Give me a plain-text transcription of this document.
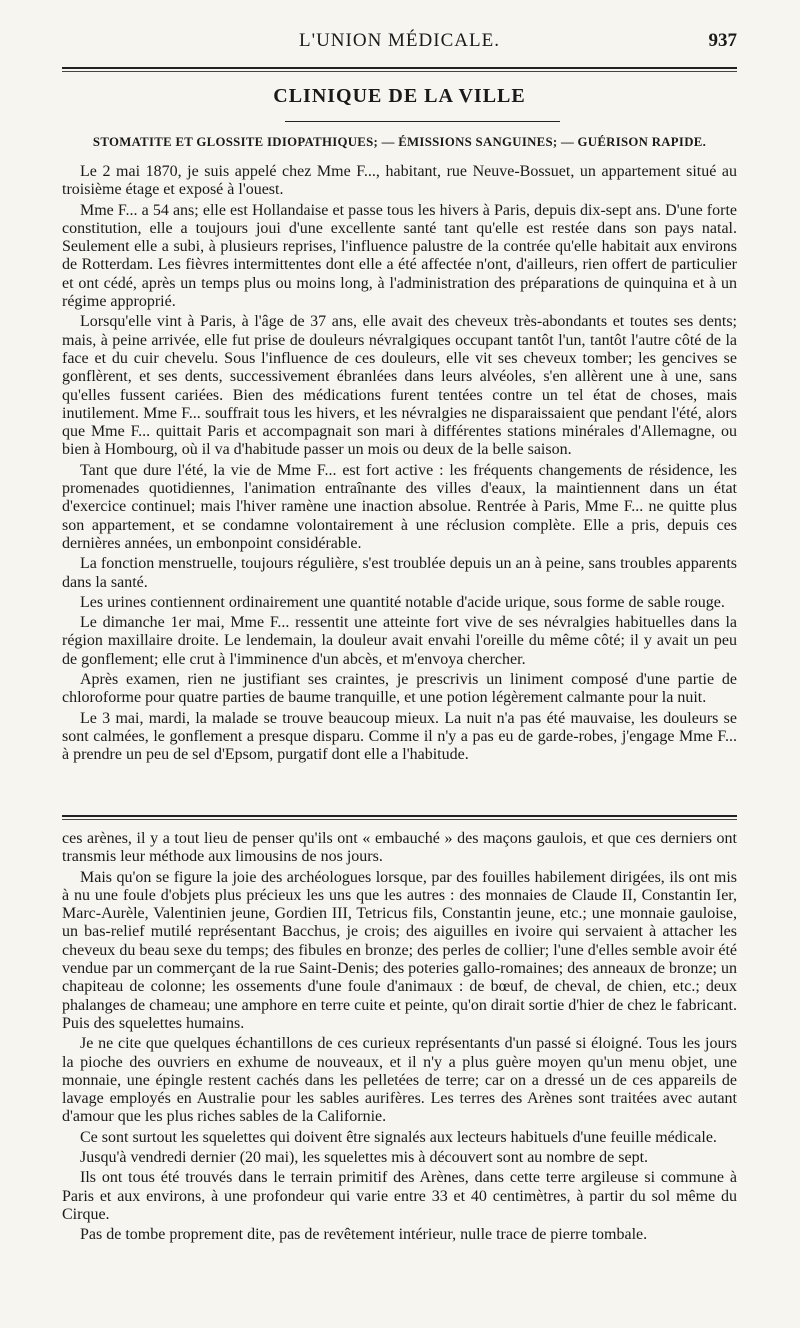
L'UNION MÉDICALE.	937
CLINIQUE DE LA VILLE
STOMATITE ET GLOSSITE IDIOPATHIQUES; — ÉMISSIONS SANGUINES; — GUÉRISON RAPIDE.

Le 2 mai 1870, je suis appelé chez Mme F..., habitant, rue Neuve-Bossuet, un appartement situé au troisième étage et exposé à l'ouest.

Mme F... a 54 ans; elle est Hollandaise et passe tous les hivers à Paris, depuis dix-sept ans. D'une forte constitution, elle a toujours joui d'une excellente santé tant qu'elle est restée dans son pays natal. Seulement elle a subi, à plusieurs reprises, l'influence palustre de la contrée qu'elle habitait aux environs de Rotterdam. Les fièvres intermittentes dont elle a été affectée n'ont, d'ailleurs, rien offert de particulier et ont cédé, après un temps plus ou moins long, à l'administration des préparations de quinquina et à un régime approprié.

Lorsqu'elle vint à Paris, à l'âge de 37 ans, elle avait des cheveux très-abondants et toutes ses dents; mais, à peine arrivée, elle fut prise de douleurs névralgiques occupant tantôt l'un, tantôt l'autre côté de la face et du cuir chevelu. Sous l'influence de ces douleurs, elle vit ses cheveux tomber; les gencives se gonflèrent, et ses dents, successivement ébranlées dans leurs alvéoles, s'en allèrent une à une, sans qu'elles fussent cariées. Bien des médications furent tentées contre un tel état de choses, mais inutilement. Mme F... souffrait tous les hivers, et les névralgies ne disparaissaient que pendant l'été, alors que Mme F... quittait Paris et accompagnait son mari à différentes stations minérales d'Allemagne, ou bien à Hombourg, où il va d'habitude passer un mois ou deux de la belle saison.

Tant que dure l'été, la vie de Mme F... est fort active : les fréquents changements de résidence, les promenades quotidiennes, l'animation entraînante des villes d'eaux, la maintiennent dans un état d'exercice continuel; mais l'hiver ramène une inaction absolue. Rentrée à Paris, Mme F... ne quitte plus son appartement, et se condamne volontairement à une réclusion complète. Elle a pris, depuis ces dernières années, un embonpoint considérable.

La fonction menstruelle, toujours régulière, s'est troublée depuis un an à peine, sans troubles apparents dans la santé.

Les urines contiennent ordinairement une quantité notable d'acide urique, sous forme de sable rouge.

Le dimanche 1er mai, Mme F... ressentit une atteinte fort vive de ses névralgies habituelles dans la région maxillaire droite. Le lendemain, la douleur avait envahi l'oreille du même côté; il y avait un peu de gonflement; elle crut à l'imminence d'un abcès, et m'envoya chercher.

Après examen, rien ne justifiant ses craintes, je prescrivis un liniment composé d'une partie de chloroforme pour quatre parties de baume tranquille, et une potion légèrement calmante pour la nuit.

Le 3 mai, mardi, la malade se trouve beaucoup mieux. La nuit n'a pas été mauvaise, les douleurs se sont calmées, le gonflement a presque disparu. Comme il n'y a pas eu de garde-robes, j'engage Mme F... à prendre un peu de sel d'Epsom, purgatif dont elle a l'habitude.

ces arènes, il y a tout lieu de penser qu'ils ont « embauché » des maçons gaulois, et que ces derniers ont transmis leur méthode aux limousins de nos jours.

Mais qu'on se figure la joie des archéologues lorsque, par des fouilles habilement dirigées, ils ont mis à nu une foule d'objets plus précieux les uns que les autres : des monnaies de Claude II, Constantin Ier, Marc-Aurèle, Valentinien jeune, Gordien III, Tetricus fils, Constantin jeune, etc.; une monnaie gauloise, un bas-relief mutilé représentant Bacchus, je crois; des aiguilles en ivoire qui servaient à attacher les cheveux du beau sexe du temps; des fibules en bronze; des perles de collier; l'une d'elles semble avoir été vendue par un commerçant de la rue Saint-Denis; des poteries gallo-romaines; des anneaux de bronze; un chapiteau de colonne; les ossements d'une foule d'animaux : de bœuf, de cheval, de chien, etc.; deux phalanges de chameau; une amphore en terre cuite et peinte, qu'on dirait sortie d'hier de chez le fabricant. Puis des squelettes humains.

Je ne cite que quelques échantillons de ces curieux représentants d'un passé si éloigné. Tous les jours la pioche des ouvriers en exhume de nouveaux, et il n'y a plus guère moyen qu'un menu objet, une monnaie, une épingle restent cachés dans les pelletées de terre; car on a dressé un de ces appareils de lavage employés en Australie pour les sables aurifères. Les terres des Arènes sont traitées avec autant d'amour que les plus riches sables de la Californie.

Ce sont surtout les squelettes qui doivent être signalés aux lecteurs habituels d'une feuille médicale.

Jusqu'à vendredi dernier (20 mai), les squelettes mis à découvert sont au nombre de sept.

Ils ont tous été trouvés dans le terrain primitif des Arènes, dans cette terre argileuse si commune à Paris et aux environs, à une profondeur qui varie entre 33 et 40 centimètres, à partir du sol même du Cirque.

Pas de tombe proprement dite, pas de revêtement intérieur, nulle trace de pierre tombale.
